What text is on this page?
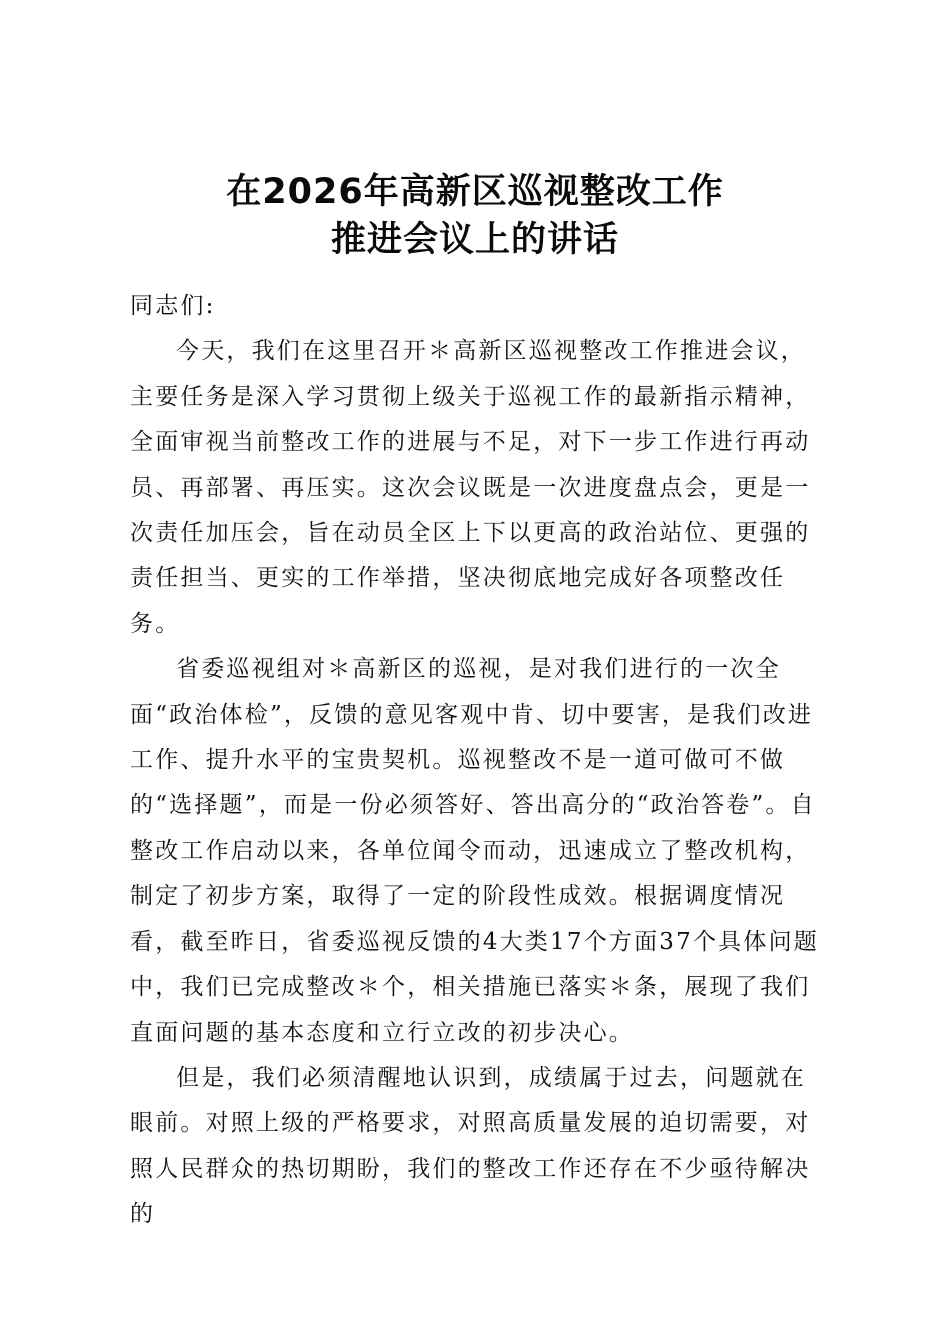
在2026年高新区巡视整改工作
推进会议上的讲话

同志们:

今天，我们在这里召开＊高新区巡视整改工作推进会议，主要任务是深入学习贯彻上级关于巡视工作的最新指示精神，全面审视当前整改工作的进展与不足，对下一步工作进行再动员、再部署、再压实。这次会议既是一次进度盘点会，更是一次责任加压会，旨在动员全区上下以更高的政治站位、更强的责任担当、更实的工作举措，坚决彻底地完成好各项整改任务。

省委巡视组对＊高新区的巡视，是对我们进行的一次全面“政治体检”，反馈的意见客观中肯、切中要害，是我们改进工作、提升水平的宝贵契机。巡视整改不是一道可做可不做的“选择题”，而是一份必须答好、答出高分的“政治答卷”。自整改工作启动以来，各单位闻令而动，迅速成立了整改机构，制定了初步方案，取得了一定的阶段性成效。根据调度情况看，截至昨日，省委巡视反馈的4大类17个方面37个具体问题中，我们已完成整改＊个，相关措施已落实＊条，展现了我们直面问题的基本态度和立行立改的初步决心。

但是，我们必须清醒地认识到，成绩属于过去，问题就在眼前。对照上级的严格要求，对照高质量发展的迫切需要，对照人民群众的热切期盼，我们的整改工作还存在不少亟待解决的
